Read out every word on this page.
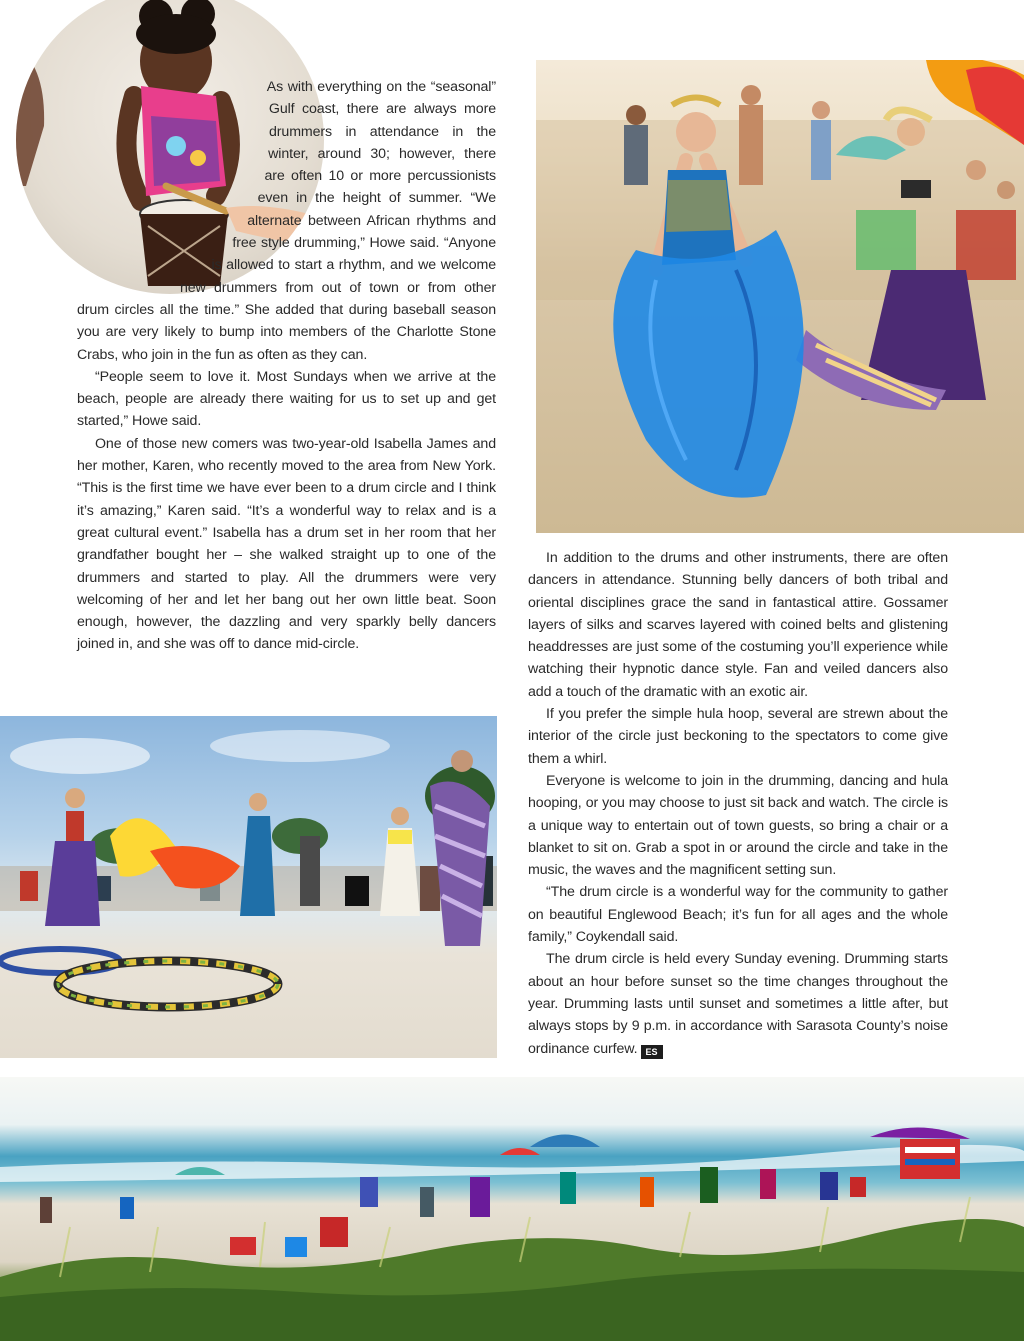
As with everything on the “seasonal” Gulf coast, there are always more drummers in attendance in the winter, around 30; however, there are often 10 or more percussionists even in the height of summer. “We alternate between African rhythms and free style drumming,” Howe said. “Anyone is allowed to start a rhythm, and we welcome new drummers from out of town or from other drum circles all the time.” She added that during baseball season you are very likely to bump into members of the Charlotte Stone Crabs, who join in the fun as often as they can.

“People seem to love it. Most Sundays when we arrive at the beach, people are already there waiting for us to set up and get started,” Howe said.

One of those new comers was two-year-old Isabella James and her mother, Karen, who recently moved to the area from New York. “This is the first time we have ever been to a drum circle and I think it’s amazing,” Karen said. “It’s a wonderful way to relax and is a great cultural event.” Isabella has a drum set in her room that her grandfather bought her – she walked straight up to one of the drummers and started to play. All the drummers were very welcoming of her and let her bang out her own little beat. Soon enough, however, the dazzling and very sparkly belly dancers joined in, and she was off to dance mid-circle.

In addition to the drums and other instruments, there are often dancers in attendance. Stunning belly dancers of both tribal and oriental disciplines grace the sand in fantastical attire. Gossamer layers of silks and scarves layered with coined belts and glistening headdresses are just some of the costuming you’ll experience while watching their hypnotic dance style. Fan and veiled dancers also add a touch of the dramatic with an exotic air.

If you prefer the simple hula hoop, several are strewn about the interior of the circle just beckoning to the spectators to come give them a whirl.

Everyone is welcome to join in the drumming, dancing and hula hooping, or you may choose to just sit back and watch. The circle is a unique way to entertain out of town guests, so bring a chair or a blanket to sit on. Grab a spot in or around the circle and take in the music, the waves and the magnificent setting sun.

“The drum circle is a wonderful way for the community to gather on beautiful Englewood Beach; it’s fun for all ages and the whole family,” Coykendall said.

The drum circle is held every Sunday evening. Drumming starts about an hour before sunset so the time changes throughout the year. Drumming lasts until sunset and sometimes a little after, but always stops by 9 p.m. in accordance with Sarasota County’s noise ordinance curfew. ES
